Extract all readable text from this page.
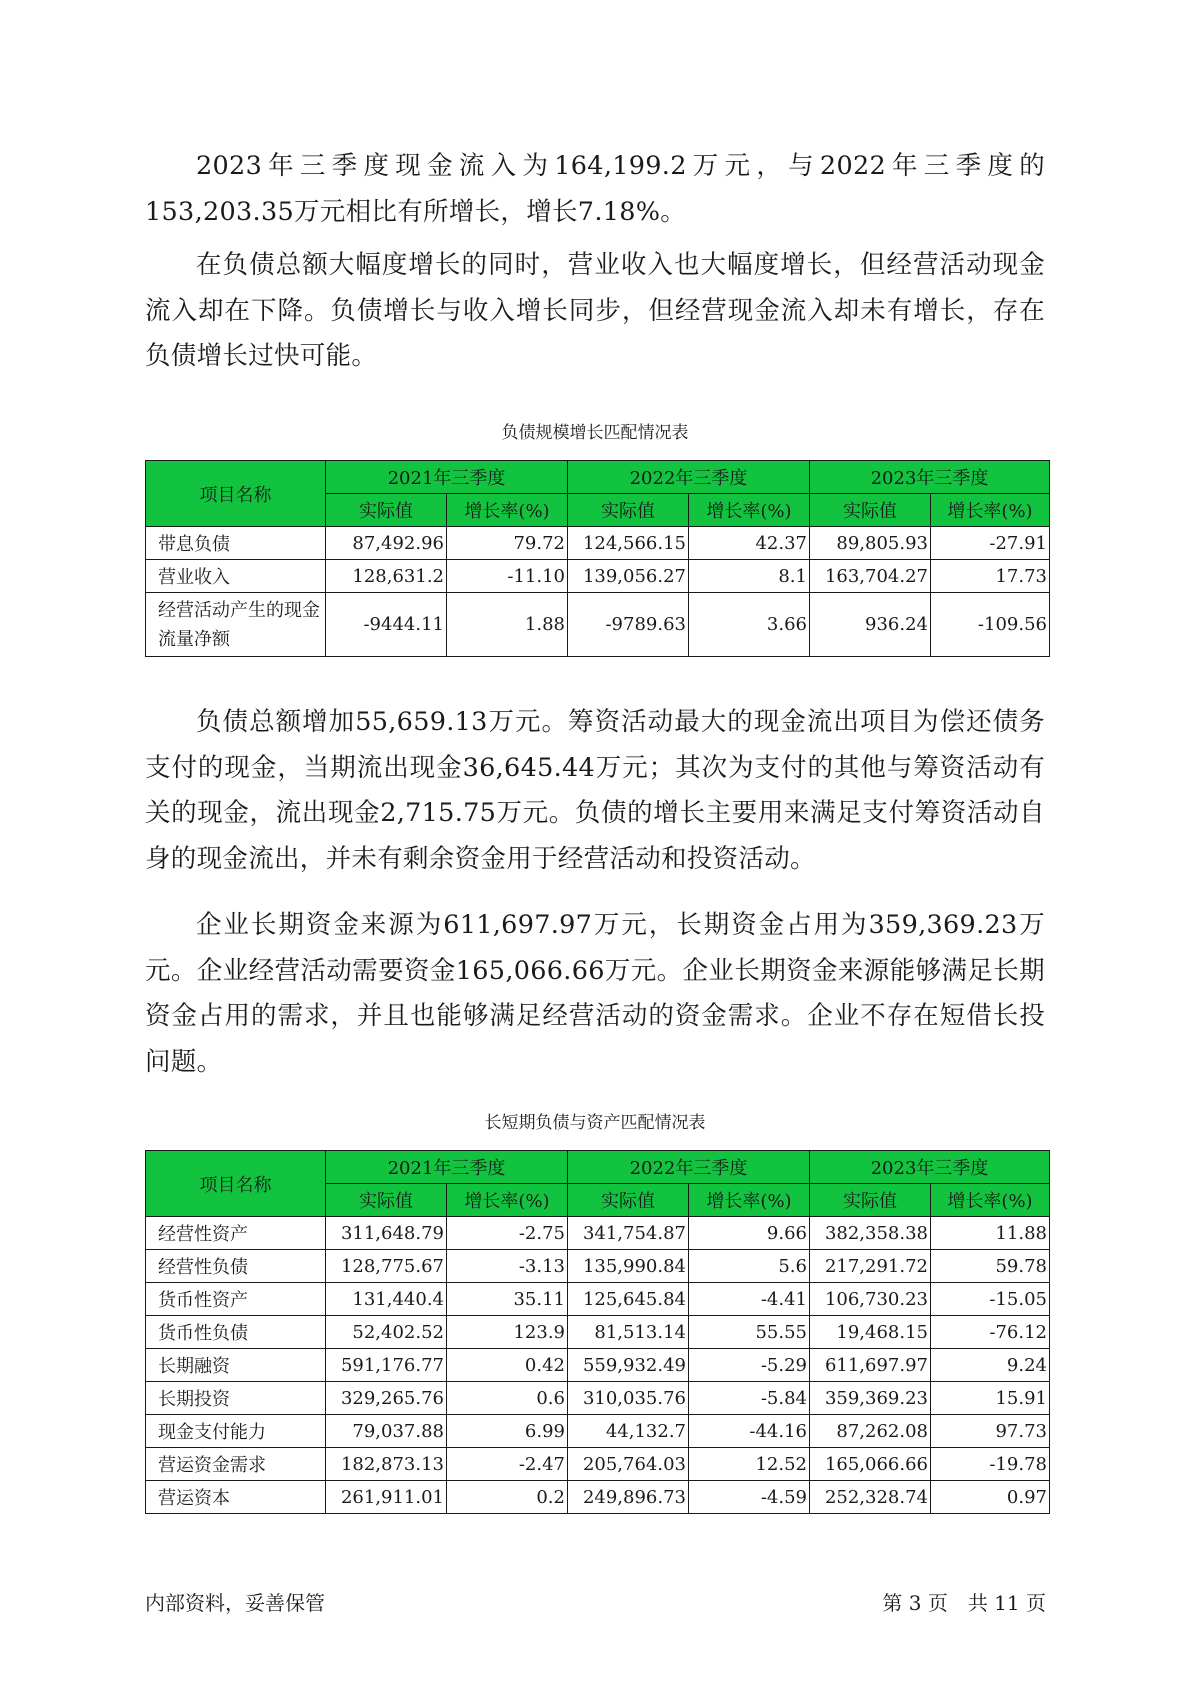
2023年三季度现金流入为164,199.2万元，与2022年三季度的153,203.35万元相比有所增长，增长7.18%。

在负债总额大幅度增长的同时，营业收入也大幅度增长，但经营活动现金流入却在下降。负债增长与收入增长同步，但经营现金流入却未有增长，存在负债增长过快可能。

负债规模增长匹配情况表

项目名称	2021年三季度		2022年三季度		2023年三季度	
	实际值	增长率(%)	实际值	增长率(%)	实际值	增长率(%)
带息负债	87,492.96	79.72	124,566.15	42.37	89,805.93	-27.91
营业收入	128,631.2	-11.10	139,056.27	8.1	163,704.27	17.73
经营活动产生的现金流量净额	-9444.11	1.88	-9789.63	3.66	936.24	-109.56

负债总额增加55,659.13万元。筹资活动最大的现金流出项目为偿还债务支付的现金，当期流出现金36,645.44万元；其次为支付的其他与筹资活动有关的现金，流出现金2,715.75万元。负债的增长主要用来满足支付筹资活动自身的现金流出，并未有剩余资金用于经营活动和投资活动。

企业长期资金来源为611,697.97万元，长期资金占用为359,369.23万元。企业经营活动需要资金165,066.66万元。企业长期资金来源能够满足长期资金占用的需求，并且也能够满足经营活动的资金需求。企业不存在短借长投问题。

长短期负债与资产匹配情况表

项目名称	2021年三季度		2022年三季度		2023年三季度	
	实际值	增长率(%)	实际值	增长率(%)	实际值	增长率(%)
经营性资产	311,648.79	-2.75	341,754.87	9.66	382,358.38	11.88
经营性负债	128,775.67	-3.13	135,990.84	5.6	217,291.72	59.78
货币性资产	131,440.4	35.11	125,645.84	-4.41	106,730.23	-15.05
货币性负债	52,402.52	123.9	81,513.14	55.55	19,468.15	-76.12
长期融资	591,176.77	0.42	559,932.49	-5.29	611,697.97	9.24
长期投资	329,265.76	0.6	310,035.76	-5.84	359,369.23	15.91
现金支付能力	79,037.88	6.99	44,132.7	-44.16	87,262.08	97.73
营运资金需求	182,873.13	-2.47	205,764.03	12.52	165,066.66	-19.78
营运资本	261,911.01	0.2	249,896.73	-4.59	252,328.74	0.97

内部资料，妥善保管	第 3 页　共 11 页
